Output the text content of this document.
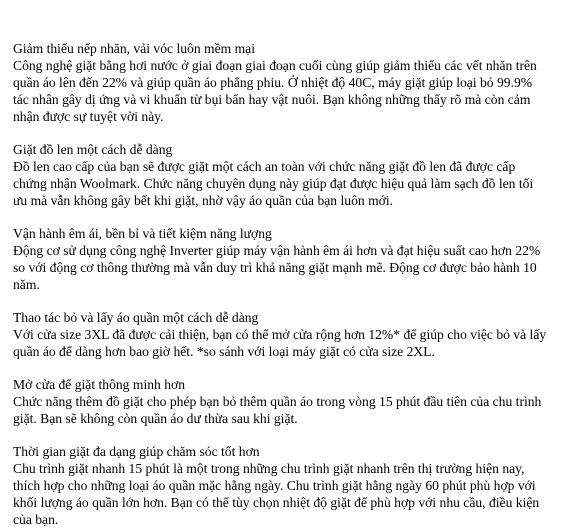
Giảm thiểu nếp nhăn, vải vóc luôn mềm mại

Công nghệ giặt bằng hơi nước ở giai đoạn giai đoạn cuối cùng giúp giảm thiểu các vết nhăn trên quần áo lên đến 22% và giúp quần áo phẳng phiu. Ở nhiệt độ 40C, máy giặt giúp loại bỏ 99.9% tác nhân gây dị ứng và vi khuẩn từ bụi bẩn hay vật nuôi. Bạn không những thấy rõ mà còn cảm nhận được sự tuyệt vời này.

Giặt đồ len một cách dễ dàng

Đồ len cao cấp của bạn sẽ được giặt một cách an toàn với chức năng giặt đồ len đã được cấp chứng nhận Woolmark. Chức năng chuyên dụng này giúp đạt được hiệu quả làm sạch đồ len tối ưu mà vẫn không gây bết khi giặt, nhờ vậy áo quần của bạn luôn mới.

Vận hành êm ái, bền bỉ và tiết kiệm năng lượng

Động cơ sử dụng công nghệ Inverter giúp máy vận hành êm ái hơn và đạt hiệu suất cao hơn 22% so với động cơ thông thường mà vẫn duy trì khả năng giặt mạnh mẽ. Động cơ được bảo hành 10 năm.

Thao tác bỏ và lấy áo quần một cách dễ dàng

Với cửa size 3XL đã được cải thiện, bạn có thể mở cửa rộng hơn 12%* để giúp cho việc bỏ và lấy quần áo để dàng hơn bao giờ hết. *so sánh với loại máy giặt có cửa size 2XL.

Mở cửa để giặt thông minh hơn

Chức năng thêm đồ giặt cho phép bạn bỏ thêm quần áo trong vòng 15 phút đầu tiên của chu trình giặt. Bạn sẽ không còn quần áo dư thừa sau khi giặt.

Thời gian giặt đa dạng giúp chăm sóc tốt hơn

Chu trình giặt nhanh 15 phút là một trong những chu trình giặt nhanh trên thị trường hiện nay, thích hợp cho những loại áo quần mặc hằng ngày. Chu trình giặt hằng ngày 60 phút phù hợp với khối lượng áo quần lớn hơn. Bạn có thể tùy chọn nhiệt độ giặt để phù hợp với nhu cầu, điều kiện của bạn.
